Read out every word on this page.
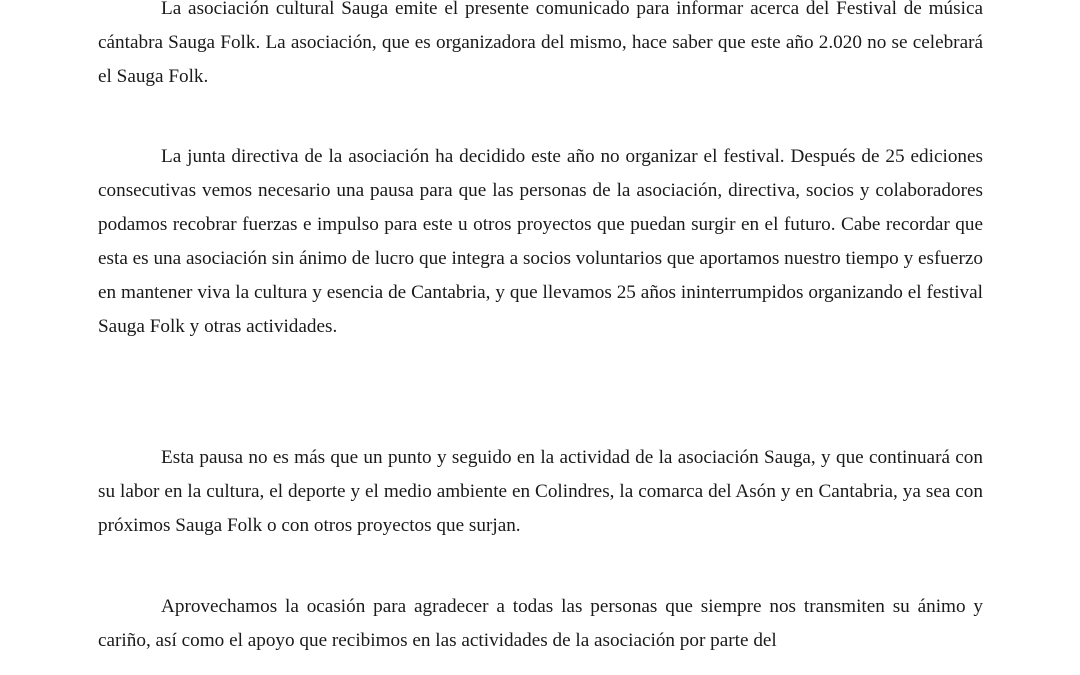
La asociación cultural Sauga emite el presente comunicado para informar acerca del Festival de música cántabra Sauga Folk. La asociación, que es organizadora del mismo, hace saber que este año 2.020 no se celebrará el Sauga Folk.

La junta directiva de la asociación ha decidido este año no organizar el festival. Después de 25 ediciones consecutivas vemos necesario una pausa para que las personas de la asociación, directiva, socios y colaboradores podamos recobrar fuerzas e impulso para este u otros proyectos que puedan surgir en el futuro. Cabe recordar que esta es una asociación sin ánimo de lucro que integra a socios voluntarios que aportamos nuestro tiempo y esfuerzo en mantener viva la cultura y esencia de Cantabria, y que llevamos 25 años ininterrumpidos organizando el festival Sauga Folk y otras actividades.

Esta pausa no es más que un punto y seguido en la actividad de la asociación Sauga, y que continuará con su labor en la cultura, el deporte y el medio ambiente en Colindres, la comarca del Asón y en Cantabria, ya sea con próximos Sauga Folk o con otros proyectos que surjan.

Aprovechamos la ocasión para agradecer a todas las personas que siempre nos transmiten su ánimo y cariño, así como el apoyo que recibimos en las actividades de la asociación por parte del
